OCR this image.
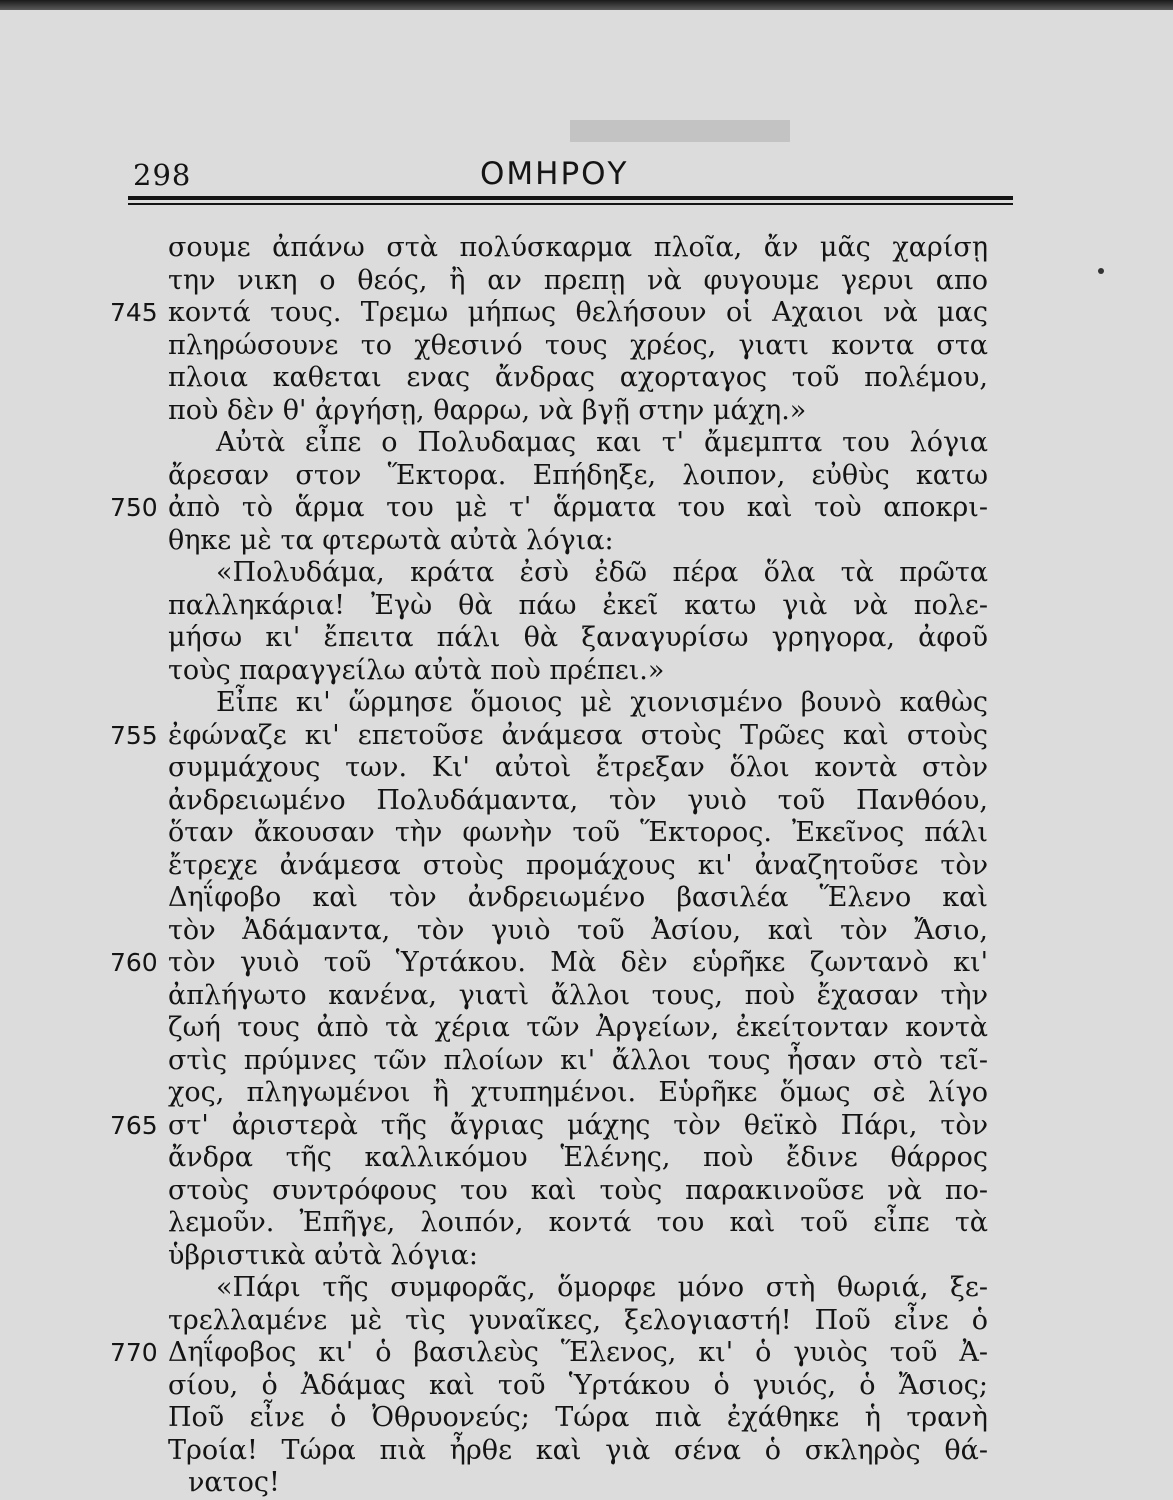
298	ΟΜΗΡΟΥ
σουμε ἀπάνω στὰ πολύσκαρμα πλοῖα, ἄν μᾶς χαρίσῃ
την νικη ο θεός, ἢ αν πρεπῃ νὰ φυγουμε γερυι απο
κοντά τους. Τρεμω μήπως θελήσουν οἱ Αχαιοι νὰ μας
745
πληρώσουνε το χθεσινό τους χρέος, γιατι κοντα στα
πλοια καθεται ενας ἄνδρας αχορταγος τοῦ πολέμου,
ποὺ δὲν θ' ἀργήσῃ, θαρρω, νὰ βγῇ στην μάχη.»
Αὐτὰ εἶπε ο Πολυδαμας και τ' ἄμεμπτα του λόγια
ἄρεσαν στον Ἕκτορα. Επήδηξε, λοιπον, εὐθὺς κατω
ἀπὸ τὸ ἅρμα του μὲ τ' ἅρματα του καὶ τοὺ αποκρι-
750
θηκε μὲ τα φτερωτὰ αὐτὰ λόγια:
«Πολυδάμα, κράτα ἐσὺ ἐδῶ πέρα ὅλα τὰ πρῶτα
παλληκάρια! Ἐγὼ θὰ πάω ἐκεῖ κατω γιὰ νὰ πολε-
μήσω κι' ἔπειτα πάλι θὰ ξαναγυρίσω γρηγορα, ἀφοῦ
τοὺς παραγγείλω αὐτὰ ποὺ πρέπει.»
Εἶπε κι' ὥρμησε ὅμοιος μὲ χιονισμένο βουνὸ καθὼς
ἐφώναζε κι' επετοῦσε ἀνάμεσα στοὺς Τρῶες καὶ στοὺς
755
συμμάχους των. Κι' αὐτοὶ ἔτρεξαν ὅλοι κοντὰ στὸν
ἀνδρειωμένο Πολυδάμαντα, τὸν γυιὸ τοῦ Πανθόου,
ὅταν ἄκουσαν τὴν φωνὴν τοῦ Ἕκτορος. Ἐκεῖνος πάλι
ἔτρεχε ἀνάμεσα στοὺς προμάχους κι' ἀναζητοῦσε τὸν
Δηΐφοβο καὶ τὸν ἀνδρειωμένο βασιλέα Ἕλενο καὶ
τὸν Ἀδάμαντα, τὸν γυιὸ τοῦ Ἀσίου, καὶ τὸν Ἄσιο,
τὸν γυιὸ τοῦ Ὑρτάκου. Μὰ δὲν εὑρῆκε ζωντανὸ κι'
760
ἀπλήγωτο κανένα, γιατὶ ἄλλοι τους, ποὺ ἔχασαν τὴν
ζωή τους ἀπὸ τὰ χέρια τῶν Ἀργείων, ἐκείτονταν κοντὰ
στὶς πρύμνες τῶν πλοίων κι' ἄλλοι τους ἦσαν στὸ τεῖ-
χος, πληγωμένοι ἢ χτυπημένοι. Εὑρῆκε ὅμως σὲ λίγο
στ' ἀριστερὰ τῆς ἄγριας μάχης τὸν θεϊκὸ Πάρι, τὸν
765
ἄνδρα τῆς καλλικόμου Ἑλένης, ποὺ ἔδινε θάρρος
στοὺς συντρόφους του καὶ τοὺς παρακινοῦσε νὰ πο-
λεμοῦν. Ἐπῆγε, λοιπόν, κοντά του καὶ τοῦ εἶπε τὰ
ὑβριστικὰ αὐτὰ λόγια:
«Πάρι τῆς συμφορᾶς, ὅμορφε μόνο στὴ θωριά, ξε-
τρελλαμένε μὲ τὶς γυναῖκες, ξελογιαστή! Ποῦ εἶνε ὁ
Δηΐφοβος κι' ὁ βασιλεὺς Ἕλενος, κι' ὁ γυιὸς τοῦ Ἀ-
770
σίου, ὁ Ἀδάμας καὶ τοῦ Ὑρτάκου ὁ γυιός, ὁ Ἄσιος;
Ποῦ εἶνε ὁ Ὀθρυονεύς; Τώρα πιὰ ἐχάθηκε ἡ τρανὴ
Τροία! Τώρα πιὰ ἦρθε καὶ γιὰ σένα ὁ σκληρὸς θά-
νατος!
